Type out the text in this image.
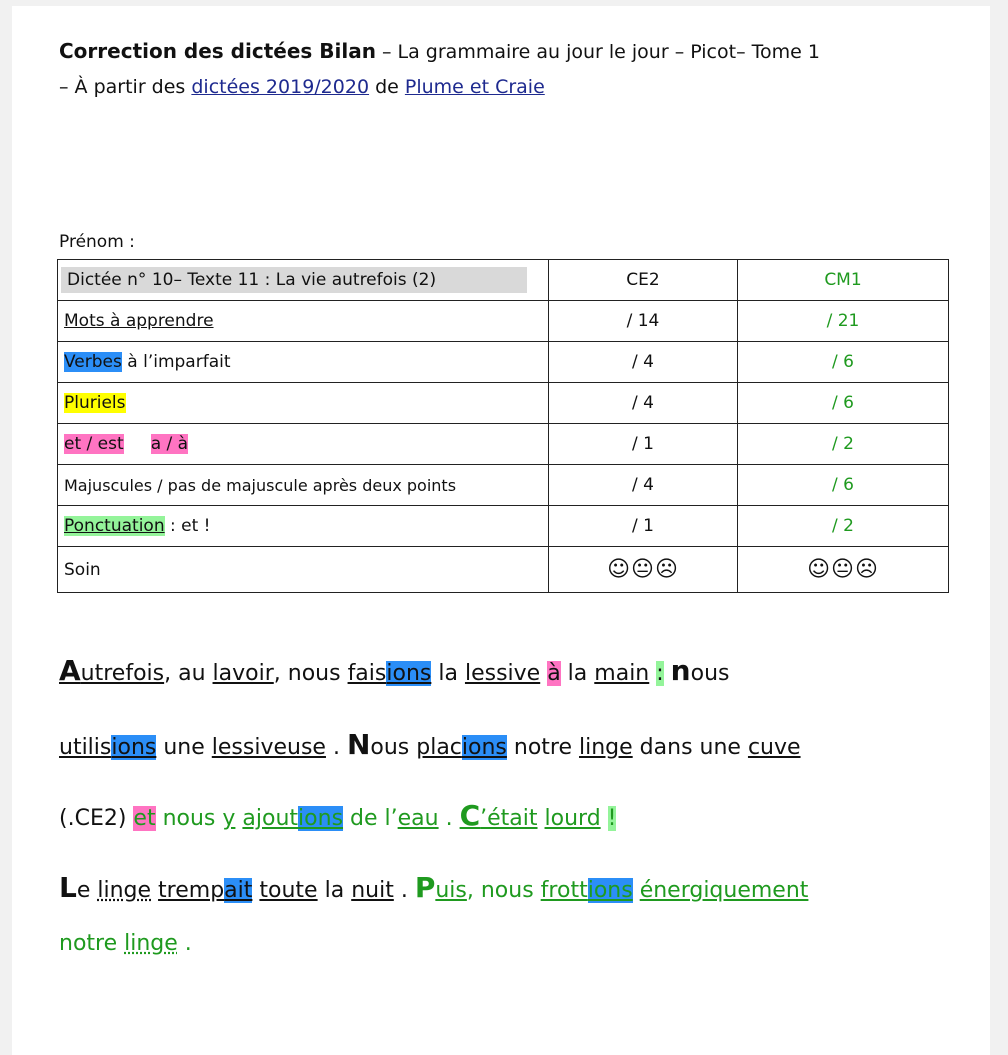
Correction des dictées Bilan – La grammaire au jour le jour – Picot– Tome 1
– À partir des dictées 2019/2020 de Plume et Craie
Prénom :
Dictée n° 10– Texte 11 : La vie autrefois (2)	CE2	CM1
Mots à apprendre	/ 14	/ 21
Verbes à l’imparfait	/ 4	/ 6
Pluriels	/ 4	/ 6
et / est a / à	/ 1	/ 2
Majuscules / pas de majuscule après deux points	/ 4	/ 6
Ponctuation : et !	/ 1	/ 2
Soin	☺😐☹	☺😐☹
Autrefois, au lavoir, nous faisions la lessive à la main : nous
utilisions une lessiveuse . Nous placions notre linge dans une cuve
(.CE2) et nous y ajoutions de l’eau . C’était lourd !
Le linge trempait toute la nuit . Puis, nous frottions énergiquement
notre linge .
